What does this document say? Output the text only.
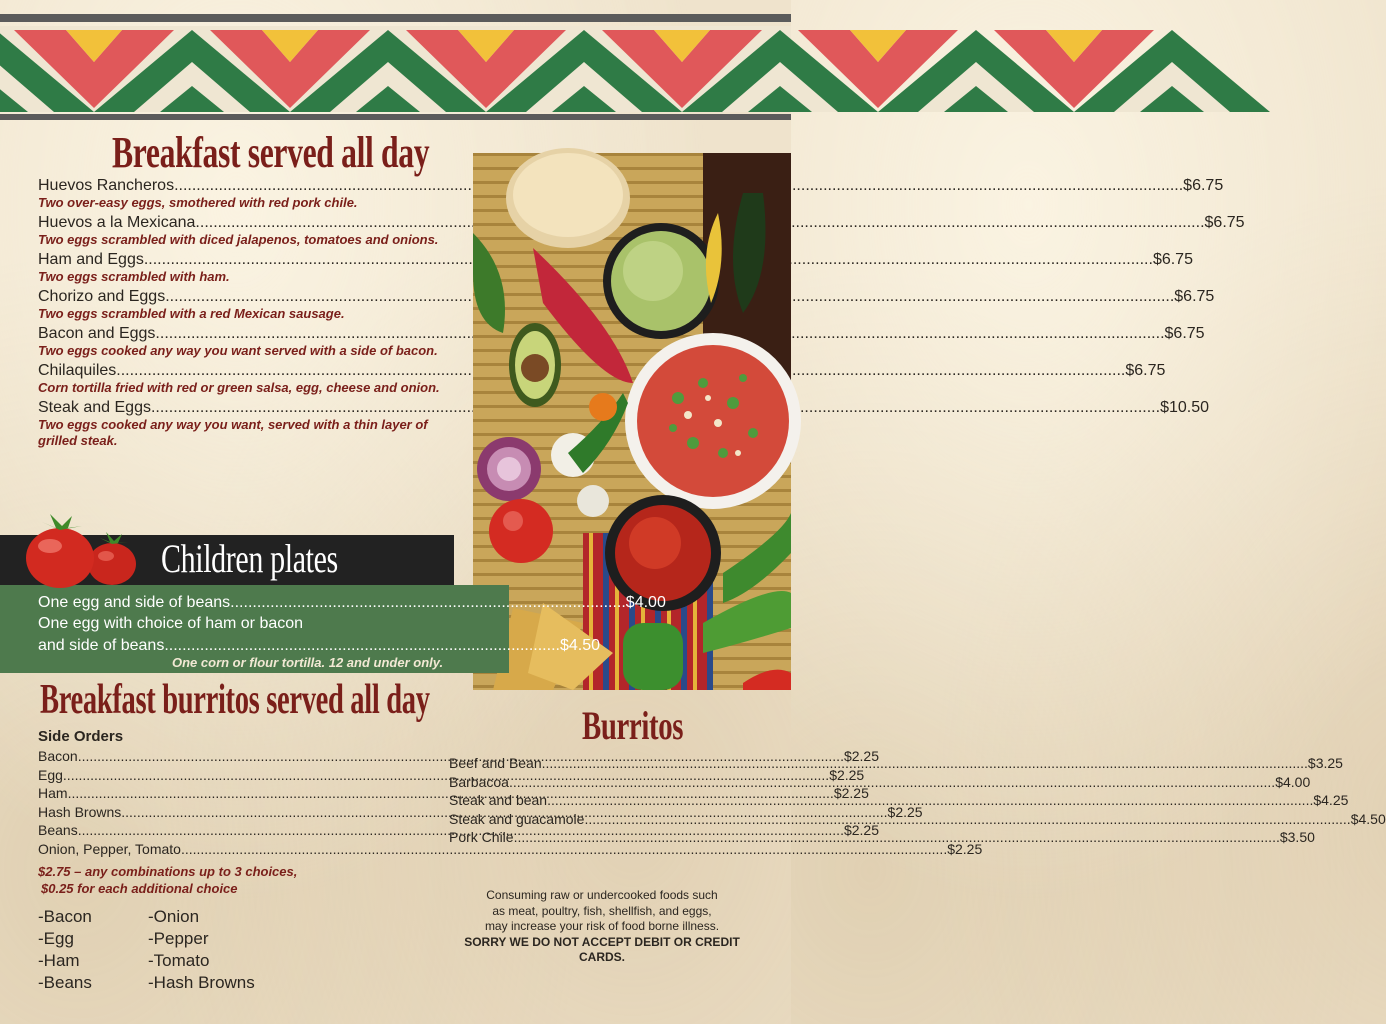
Breakfast served all day
Huevos Rancheros .....	$6.75
Two over-easy eggs, smothered with red pork chile.
Huevos a la Mexicana .....	$6.75
Two eggs scrambled with diced jalapenos, tomatoes and onions.
Ham and Eggs .....	$6.75
Two eggs scrambled with ham.
Chorizo and Eggs .....	$6.75
Two eggs scrambled with a red Mexican sausage.
Bacon and Eggs .....	$6.75
Two eggs cooked any way you want served with a side of bacon.
Chilaquiles .....	$6.75
Corn tortilla fried with red or green salsa, egg, cheese and onion.
Steak and Eggs .....	$10.50
Two eggs cooked any way you want, served with a thin layer of grilled steak.
Children plates
One egg and side of beans ......................................................................................... $4.00
One egg with choice of ham or bacon
and side of beans ......................................................................................... $4.50
One corn or flour tortilla. 12 and under only.
Breakfast burritos served all day
Side Orders
Bacon .....	$2.25
Egg .....	$2.25
Ham .....	$2.25
Hash Browns .....	$2.25
Beans .....	$2.25
Onion, Pepper, Tomato .....	$2.25
$2.75 – any combinations up to 3 choices,
$0.25 for each additional choice
-Bacon
-Egg
-Ham
-Beans
-Onion
-Pepper
-Tomato
-Hash Browns
Burritos
Beef and Bean .....	$3.25
Barbacoa .....	$4.00
Steak and bean .....	$4.25
Steak and guacamole .....	$4.50
Pork Chile .....	$3.50
Consuming raw or undercooked foods such
as meat, poultry, fish, shellfish, and eggs,
may increase your risk of food borne illness.
SORRY WE DO NOT ACCEPT DEBIT OR CREDIT
CARDS.
